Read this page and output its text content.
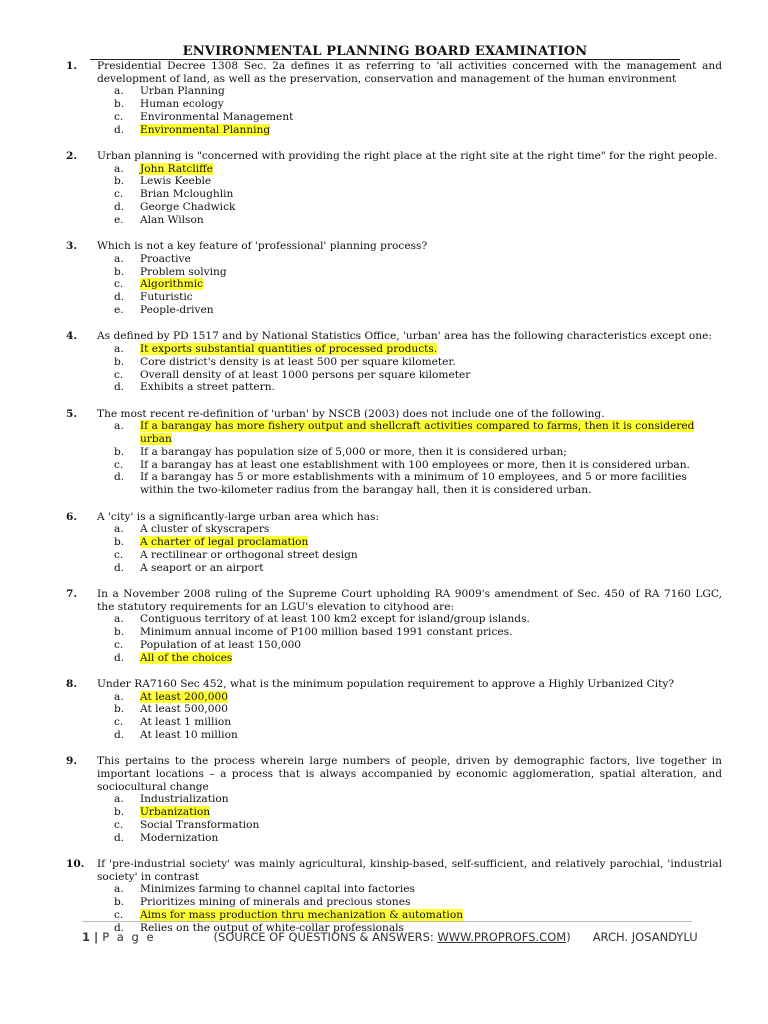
ENVIRONMENTAL PLANNING BOARD EXAMINATION
1.	Presidential Decree 1308 Sec. 2a defines it as referring to 'all activities concerned with the management and development of land, as well as the preservation, conservation and management of the human environment
a.	Urban Planning
b.	Human ecology
c.	Environmental Management
d.	Environmental Planning
2.	Urban planning is "concerned with providing the right place at the right site at the right time" for the right people.
a.	John Ratcliffe
b.	Lewis Keeble
c.	Brian Mcloughlin
d.	George Chadwick
e.	Alan Wilson
3.	Which is not a key feature of 'professional' planning process?
a.	Proactive
b.	Problem solving
c.	Algorithmic
d.	Futuristic
e.	People-driven
4.	As defined by PD 1517 and by National Statistics Office, 'urban' area has the following characteristics except one:
a.	It exports substantial quantities of processed products.
b.	Core district's density is at least 500 per square kilometer.
c.	Overall density of at least 1000 persons per square kilometer
d.	Exhibits a street pattern.
5.	The most recent re-definition of 'urban' by NSCB (2003) does not include one of the following.
a.	If a barangay has more fishery output and shellcraft activities compared to farms, then it is considered urban
b.	If a barangay has population size of 5,000 or more, then it is considered urban;
c.	If a barangay has at least one establishment with 100 employees or more, then it is considered urban.
d.	If a barangay has 5 or more establishments with a minimum of 10 employees, and 5 or more facilities within the two-kilometer radius from the barangay hall, then it is considered urban.
6.	A 'city' is a significantly-large urban area which has:
a.	A cluster of skyscrapers
b.	A charter of legal proclamation
c.	A rectilinear or orthogonal street design
d.	A seaport or an airport
7.	In a November 2008 ruling of the Supreme Court upholding RA 9009's amendment of Sec. 450 of RA 7160 LGC, the statutory requirements for an LGU's elevation to cityhood are:
a.	Contiguous territory of at least 100 km2 except for island/group islands.
b.	Minimum annual income of P100 million based 1991 constant prices.
c.	Population of at least 150,000
d.	All of the choices
8.	Under RA7160 Sec 452, what is the minimum population requirement to approve a Highly Urbanized City?
a.	At least 200,000
b.	At least 500,000
c.	At least 1 million
d.	At least 10 million
9.	This pertains to the process wherein large numbers of people, driven by demographic factors, live together in important locations – a process that is always accompanied by economic agglomeration, spatial alteration, and sociocultural change
a.	Industrialization
b.	Urbanization
c.	Social Transformation
d.	Modernization
10.	If 'pre-industrial society' was mainly agricultural, kinship-based, self-sufficient, and relatively parochial, 'industrial society' in contrast
a.	Minimizes farming to channel capital into factories
b.	Prioritizes mining of minerals and precious stones
c.	Aims for mass production thru mechanization & automation
d.	Relies on the output of white-collar professionals
1 | P a g e	(SOURCE OF QUESTIONS & ANSWERS: WWW.PROPROFS.COM) ARCH. JOSANDYLU
